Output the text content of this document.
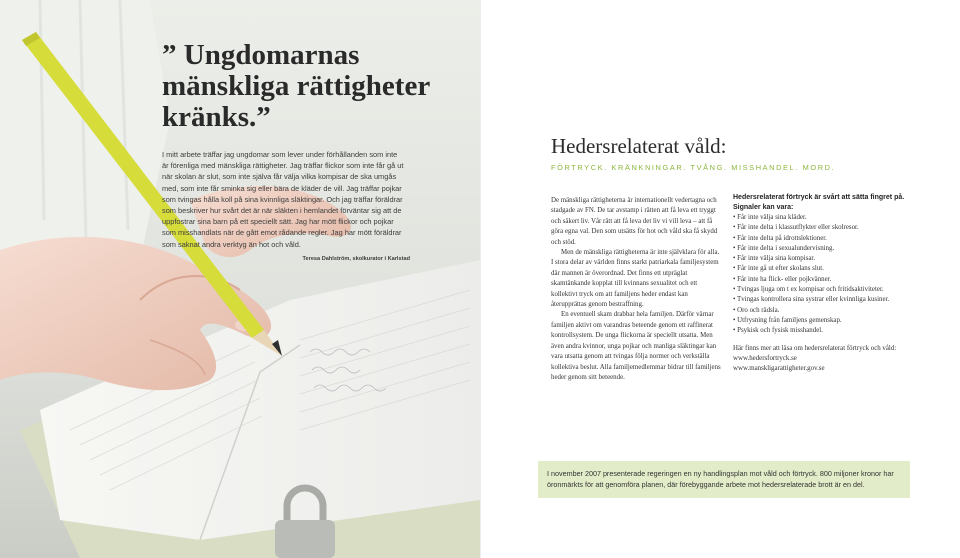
” Ungdomarnas mänskliga rättigheter kränks.”
I mitt arbete träffar jag ungdomar som lever under förhållanden som inte är förenliga med mänskliga rättigheter. Jag träffar flickor som inte får gå ut när skolan är slut, som inte själva får välja vilka kompisar de ska umgås med, som inte får sminka sig eller bära de kläder de vill. Jag träffar pojkar som tvingas hålla koll på sina kvinnliga släktingar. Och jag träffar föräldrar som beskriver hur svårt det är när släkten i hemlandet förväntar sig att de uppfostrar sina barn på ett speciellt sätt. Jag har mött flickor och pojkar som misshandlats när de gått emot rådande regler. Jag har mött föräldrar som saknat andra verktyg än hot och våld.
Teresa Dahlström, skolkurator i Karlstad
Hedersrelaterat våld:
FÖRTRYCK. KRÄNKNINGAR. TVÅNG. MISSHANDEL. MORD.

De mänskliga rättigheterna är internationellt vedertagna och stadgade av FN. De tar avstamp i rätten att få leva ett tryggt och säkert liv. Vår rätt att få leva det liv vi vill leva – att få göra egna val. Den som utsätts för hot och våld ska få skydd och stöd.

Men de mänskliga rättigheterna är inte självklara för alla. I stora delar av världen finns starkt patriarkala familjesystem där mannen är överordnad. Det finns ett utpräglat skamtänkande kopplat till kvinnans sexualitet och ett kollektivt tryck om att familjens heder endast kan återupprättas genom bestraffning.

En eventuell skam drabbar hela familjen. Därför värnar familjen aktivt om varandras beteende genom ett raffinerat kontrollsystem. De unga flickorna är speciellt utsatta. Men även andra kvinnor, unga pojkar och manliga släktingar kan vara utsatta genom att tvingas följa normer och verkställa kollektiva beslut. Alla familjemedlemmar bidrar till familjens heder genom sitt beteende.

Hedersrelaterat förtryck är svårt att sätta fingret på.
Signaler kan vara:
• Får inte välja sina kläder.
• Får inte delta i klassutflykter eller skolresor.
• Får inte delta på idrottslektioner.
• Får inte delta i sexualundervisning.
• Får inte välja sina kompisar.
• Får inte gå ut efter skolans slut.
• Får inte ha flick- eller pojkvänner.
• Tvingas ljuga om t ex kompisar och fritidsaktiviteter.
• Tvingas kontrollera sina systrar eller kvinnliga kusiner.
• Oro och rädsla.
• Utfrysning från familjens gemenskap.
• Psykisk och fysisk misshandel.
Här finns mer att läsa om hedersrelaterat förtryck och våld:
www.hedersfortryck.se
www.manskligarattigheter.gov.se
I november 2007 presenterade regeringen en ny handlingsplan mot våld och förtryck. 800 miljoner kronor har öronmärkts för att genomföra planen, där förebyggande arbete mot hedersrelaterade brott är en del.
